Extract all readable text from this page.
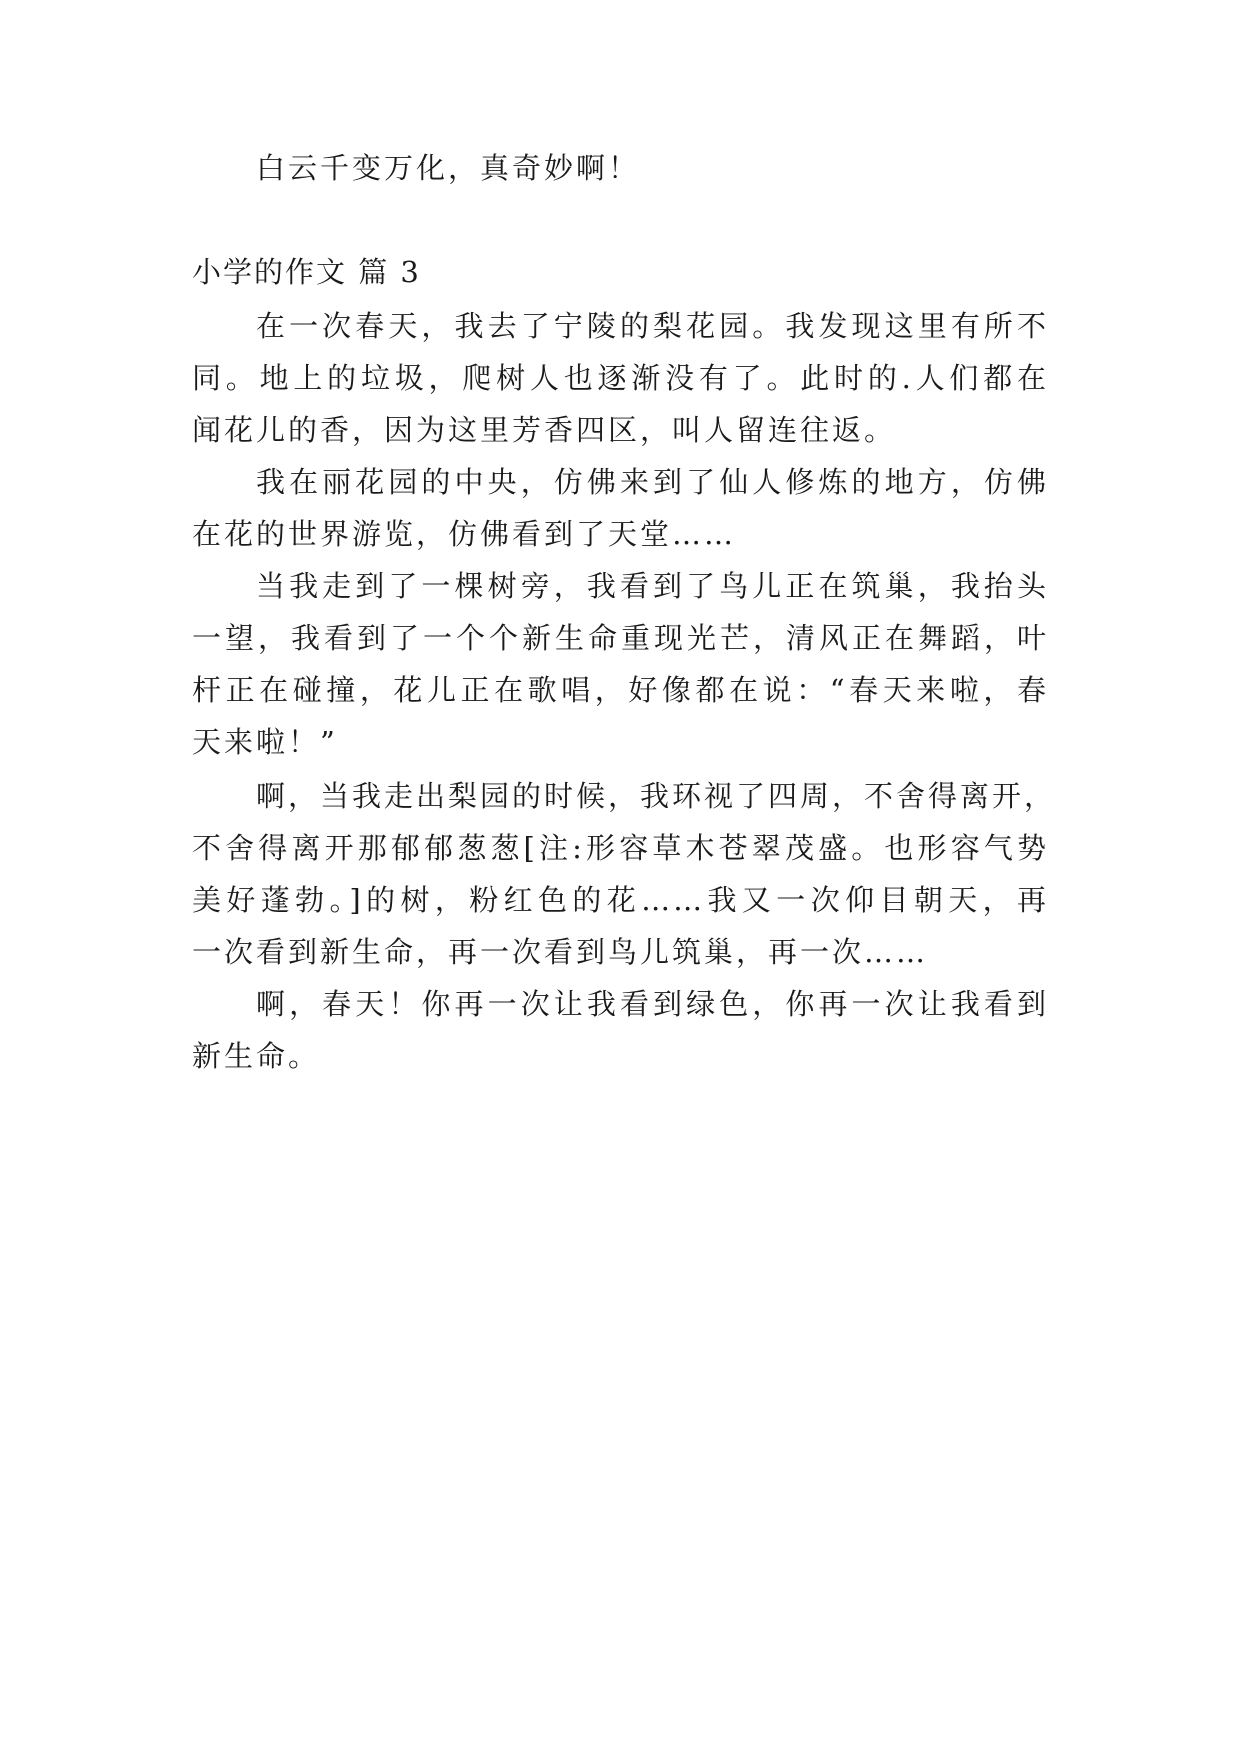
白云千变万化，真奇妙啊！
小学的作文 篇 3
在一次春天，我去了宁陵的梨花园。我发现这里有所不
同。地上的垃圾，爬树人也逐渐没有了。此时的.人们都在
闻花儿的香，因为这里芳香四区，叫人留连往返。
我在丽花园的中央，仿佛来到了仙人修炼的地方，仿佛
在花的世界游览，仿佛看到了天堂……
当我走到了一棵树旁，我看到了鸟儿正在筑巢，我抬头
一望，我看到了一个个新生命重现光芒，清风正在舞蹈，叶
杆正在碰撞，花儿正在歌唱，好像都在说：“春天来啦，春
天来啦！”
啊，当我走出梨园的时候，我环视了四周，不舍得离开，
不舍得离开那郁郁葱葱[注:形容草木苍翠茂盛。也形容气势
美好蓬勃。]的树，粉红色的花……我又一次仰目朝天，再
一次看到新生命，再一次看到鸟儿筑巢，再一次……
啊，春天！你再一次让我看到绿色，你再一次让我看到
新生命。
